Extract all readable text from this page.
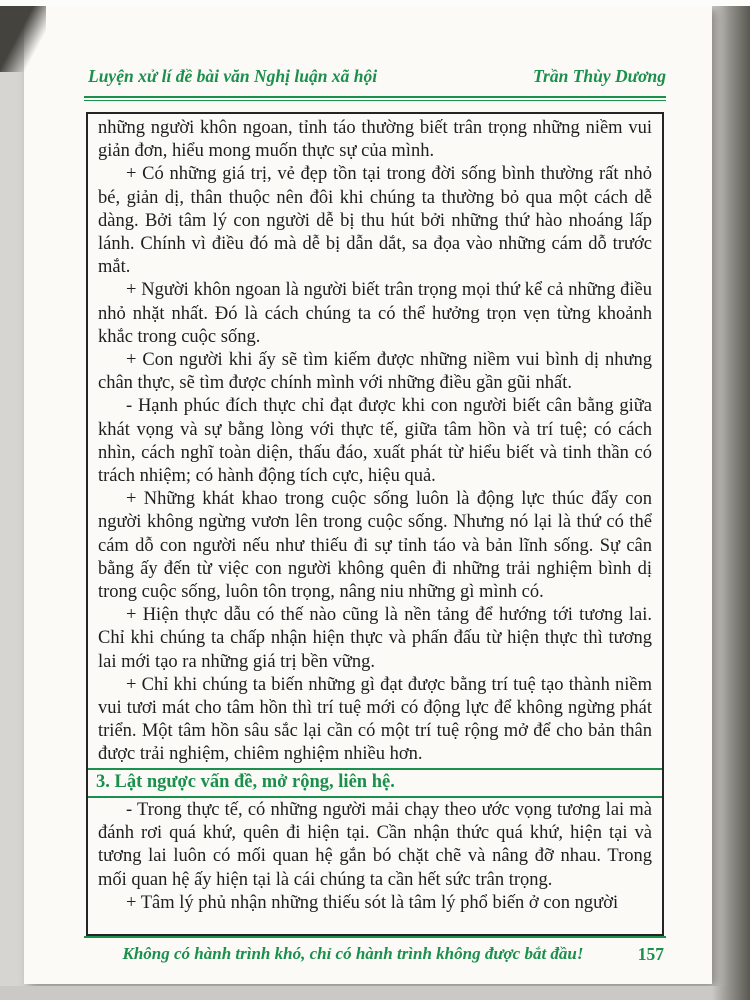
Luyện xử lí đề bài văn Nghị luận xã hội	Trần Thùy Dương

những người khôn ngoan, tỉnh táo thường biết trân trọng những niềm vui giản đơn, hiểu mong muốn thực sự của mình.

+ Có những giá trị, vẻ đẹp tồn tại trong đời sống bình thường rất nhỏ bé, giản dị, thân thuộc nên đôi khi chúng ta thường bỏ qua một cách dễ dàng. Bởi tâm lý con người dễ bị thu hút bởi những thứ hào nhoáng lấp lánh. Chính vì điều đó mà dễ bị dẫn dắt, sa đọa vào những cám dỗ trước mắt.

+ Người khôn ngoan là người biết trân trọng mọi thứ kể cả những điều nhỏ nhặt nhất. Đó là cách chúng ta có thể hưởng trọn vẹn từng khoảnh khắc trong cuộc sống.

+ Con người khi ấy sẽ tìm kiếm được những niềm vui bình dị nhưng chân thực, sẽ tìm được chính mình với những điều gần gũi nhất.

- Hạnh phúc đích thực chỉ đạt được khi con người biết cân bằng giữa khát vọng và sự bằng lòng với thực tế, giữa tâm hồn và trí tuệ; có cách nhìn, cách nghĩ toàn diện, thấu đáo, xuất phát từ hiểu biết và tinh thần có trách nhiệm; có hành động tích cực, hiệu quả.

+ Những khát khao trong cuộc sống luôn là động lực thúc đẩy con người không ngừng vươn lên trong cuộc sống. Nhưng nó lại là thứ có thể cám dỗ con người nếu như thiếu đi sự tỉnh táo và bản lĩnh sống. Sự cân bằng ấy đến từ việc con người không quên đi những trải nghiệm bình dị trong cuộc sống, luôn tôn trọng, nâng niu những gì mình có.

+ Hiện thực dẫu có thế nào cũng là nền tảng để hướng tới tương lai. Chỉ khi chúng ta chấp nhận hiện thực và phấn đấu từ hiện thực thì tương lai mới tạo ra những giá trị bền vững.

+ Chỉ khi chúng ta biến những gì đạt được bằng trí tuệ tạo thành niềm vui tươi mát cho tâm hồn thì trí tuệ mới có động lực để không ngừng phát triển. Một tâm hồn sâu sắc lại cần có một trí tuệ rộng mở để cho bản thân được trải nghiệm, chiêm nghiệm nhiều hơn.

3. Lật ngược vấn đề, mở rộng, liên hệ.

- Trong thực tế, có những người mải chạy theo ước vọng tương lai mà đánh rơi quá khứ, quên đi hiện tại. Cần nhận thức quá khứ, hiện tại và tương lai luôn có mối quan hệ gắn bó chặt chẽ và nâng đỡ nhau. Trong mối quan hệ ấy hiện tại là cái chúng ta cần hết sức trân trọng.

+ Tâm lý phủ nhận những thiếu sót là tâm lý phổ biến ở con người

Không có hành trình khó, chỉ có hành trình không được bắt đầu!	157
